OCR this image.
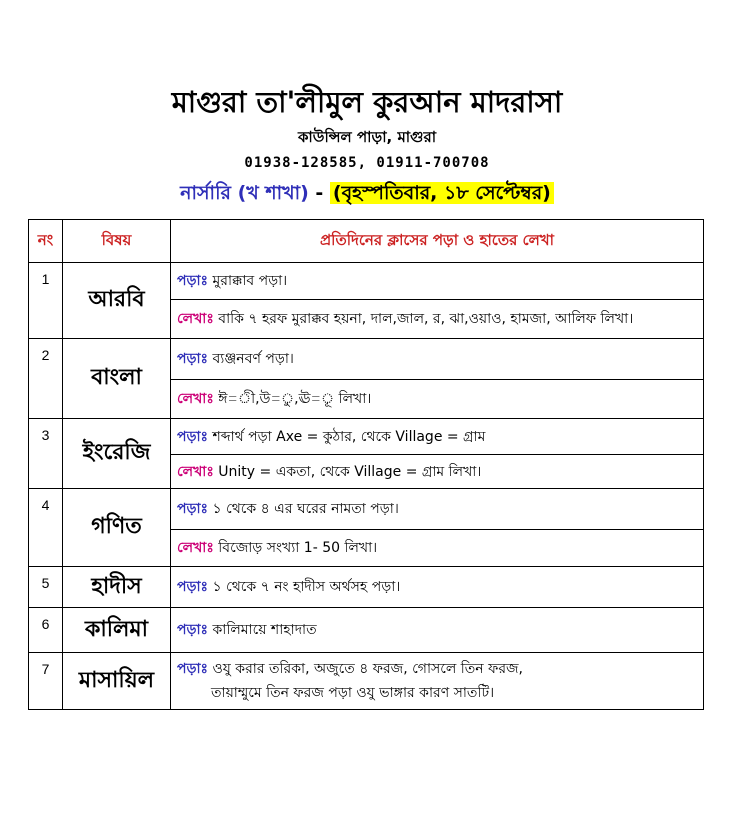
মাগুরা তা'লীমুল কুরআন মাদরাসা
কাউন্সিল পাড়া, মাগুরা
01938-128585, 01911-700708
নার্সারি (খ শাখা) - (বৃহস্পতিবার, ১৮ সেপ্টেম্বর)
নং	বিষয়	প্রতিদিনের ক্লাসের পড়া ও হাতের লেখা
1	আরবি	পড়াঃ মুরাক্কাব পড়া।
		লেখাঃ বাকি ৭ হরফ মুরাক্কব হয়না, দাল,জাল, র, ঝা,ওয়াও, হামজা, আলিফ লিখা।
2	বাংলা	পড়াঃ ব্যঞ্জনবর্ণ পড়া।
		লেখাঃ ঈ=ী,উ=ু,ঊ=ূ লিখা।
3	ইংরেজি	পড়াঃ শব্দার্থ পড়া Axe = কুঠার, থেকে Village = গ্রাম
		লেখাঃ Unity = একতা, থেকে Village = গ্রাম লিখা।
4	গণিত	পড়াঃ ১ থেকে ৪ এর ঘরের নামতা পড়া।
		লেখাঃ বিজোড় সংখ্যা 1- 50 লিখা।
5	হাদীস	পড়াঃ ১ থেকে ৭ নং হাদীস অর্থসহ পড়া।
6	কালিমা	পড়াঃ কালিমায়ে শাহাদাত
7	মাসায়িল	পড়াঃ ওযু করার তরিকা, অজুতে ৪ ফরজ, গোসলে তিন ফরজ,
তায়াম্মুমে তিন ফরজ পড়া ওযু ভাঙ্গার কারণ সাতটি।
